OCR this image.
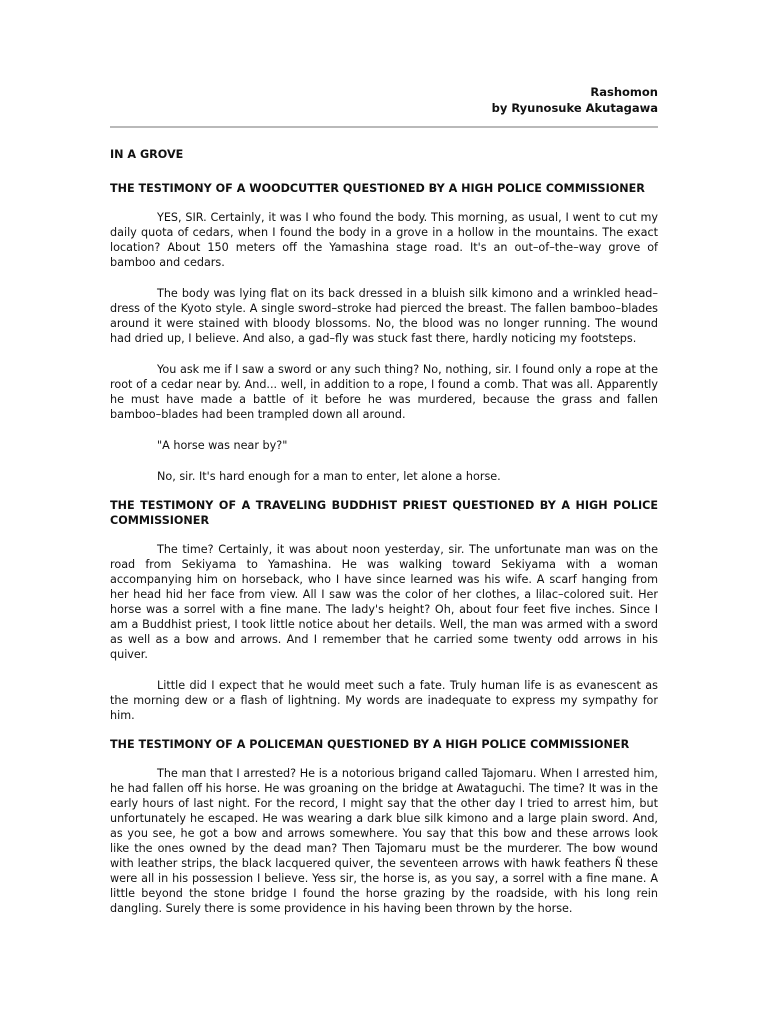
Rashomon
by Ryunosuke Akutagawa
IN A GROVE
THE TESTIMONY OF A WOODCUTTER QUESTIONED BY A HIGH POLICE COMMISSIONER

YES, SIR. Certainly, it was I who found the body. This morning, as usual, I went to cut my daily quota of cedars, when I found the body in a grove in a hollow in the mountains. The exact location? About 150 meters off the Yamashina stage road. It's an out–of–the–way grove of bamboo and cedars.

The body was lying flat on its back dressed in a bluish silk kimono and a wrinkled head–dress of the Kyoto style. A single sword–stroke had pierced the breast. The fallen bamboo–blades around it were stained with bloody blossoms. No, the blood was no longer running. The wound had dried up, I believe. And also, a gad–fly was stuck fast there, hardly noticing my footsteps.

You ask me if I saw a sword or any such thing? No, nothing, sir. I found only a rope at the root of a cedar near by. And... well, in addition to a rope, I found a comb. That was all. Apparently he must have made a battle of it before he was murdered, because the grass and fallen bamboo–blades had been trampled down all around.

"A horse was near by?"

No, sir. It's hard enough for a man to enter, let alone a horse.

THE TESTIMONY OF A TRAVELING BUDDHIST PRIEST QUESTIONED BY A HIGH POLICE COMMISSIONER

The time? Certainly, it was about noon yesterday, sir. The unfortunate man was on the road from Sekiyama to Yamashina. He was walking toward Sekiyama with a woman accompanying him on horseback, who I have since learned was his wife. A scarf hanging from her head hid her face from view. All I saw was the color of her clothes, a lilac–colored suit. Her horse was a sorrel with a fine mane. The lady's height? Oh, about four feet five inches. Since I am a Buddhist priest, I took little notice about her details. Well, the man was armed with a sword as well as a bow and arrows. And I remember that he carried some twenty odd arrows in his quiver.

Little did I expect that he would meet such a fate. Truly human life is as evanescent as the morning dew or a flash of lightning. My words are inadequate to express my sympathy for him.

THE TESTIMONY OF A POLICEMAN QUESTIONED BY A HIGH POLICE COMMISSIONER

The man that I arrested? He is a notorious brigand called Tajomaru. When I arrested him, he had fallen off his horse. He was groaning on the bridge at Awataguchi. The time? It was in the early hours of last night. For the record, I might say that the other day I tried to arrest him, but unfortunately he escaped. He was wearing a dark blue silk kimono and a large plain sword. And, as you see, he got a bow and arrows somewhere. You say that this bow and these arrows look like the ones owned by the dead man? Then Tajomaru must be the murderer. The bow wound with leather strips, the black lacquered quiver, the seventeen arrows with hawk feathers Ñ these were all in his possession I believe. Yess sir, the horse is, as you say, a sorrel with a fine mane. A little beyond the stone bridge I found the horse grazing by the roadside, with his long rein dangling. Surely there is some providence in his having been thrown by the horse.
